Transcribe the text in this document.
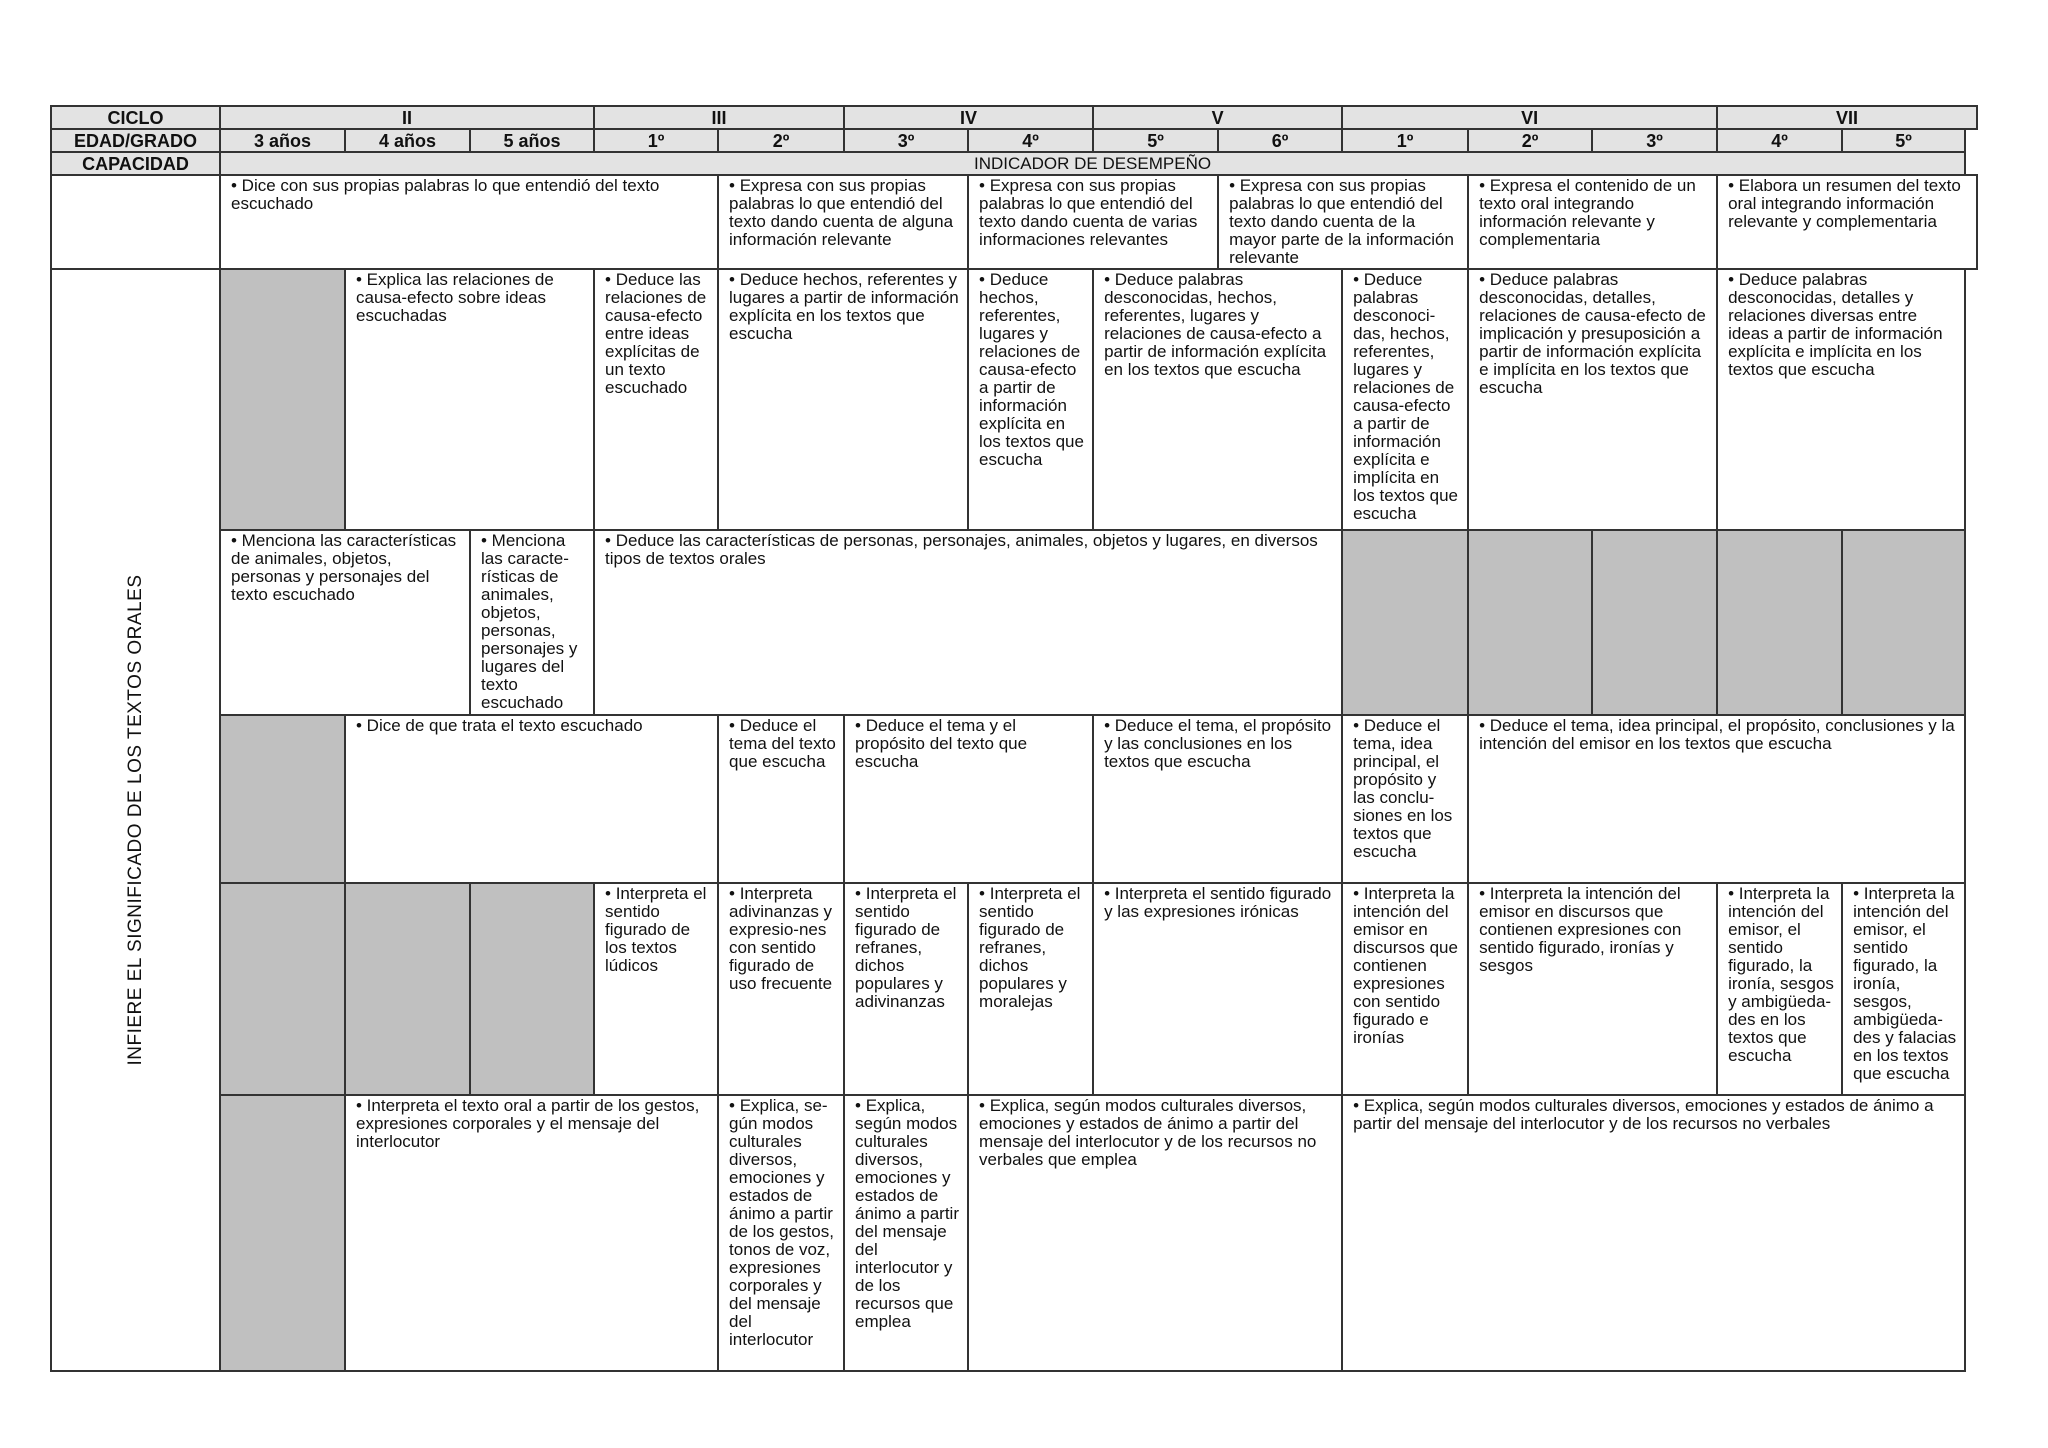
CICLO	II			III		IV		V		VI			VII	
EDAD/GRADO	3 años	4 años	5 años	1º	2º	3º	4º	5º	6º	1º	2º	3º	4º	5º
CAPACIDAD	INDICADOR DE DESEMPEÑO													
	• Dice con sus propias palabras lo que entendió del texto escuchado				• Expresa con sus propias palabras lo que entendió del texto dando cuenta de alguna información relevante		• Expresa con sus propias palabras lo que entendió del texto dando cuenta de varias informaciones relevantes		• Expresa con sus propias palabras lo que entendió del texto dando cuenta de la mayor parte de la información relevante		• Expresa el contenido de un texto oral integrando información relevante y complementaria		• Elabora un resumen del texto oral integrando información relevante y complementaria	

INFIERE EL SIGNIFICADO DE LOS TEXTOS ORALES		• Explica las relaciones de causa-efecto sobre ideas escuchadas		• Deduce las relaciones de causa-efecto entre ideas explícitas de un texto escuchado	• Deduce hechos, referentes y lugares a partir de información explícita en los textos que escucha		• Deduce hechos, referentes, lugares y relaciones de causa-efecto a partir de información explícita en los textos que escucha	• Deduce palabras desconocidas, hechos, referentes, lugares y relaciones de causa-efecto a partir de información explícita en los textos que escucha		• Deduce palabras desconoci-das, hechos, referentes, lugares y relaciones de causa-efecto a partir de información explícita e implícita en los textos que escucha	• Deduce palabras desconocidas, detalles, relaciones de causa-efecto de implicación y presuposición a partir de información explícita e implícita en los textos que escucha		• Deduce palabras desconocidas, detalles y relaciones diversas entre ideas a partir de información explícita e implícita en los textos que escucha	
	• Menciona las características de animales, objetos, personas y personajes del texto escuchado		• Menciona las caracte-rísticas de animales, objetos, personas, personajes y lugares del texto escuchado	• Deduce las características de personas, personajes, animales, objetos y lugares, en diversos tipos de textos orales										
		• Dice de que trata el texto escuchado			• Deduce el tema del texto que escucha	• Deduce el tema y el propósito del texto que escucha		• Deduce el tema, el propósito y las conclusiones en los textos que escucha		• Deduce el tema, idea principal, el propósito y las conclu-siones en los textos que escucha	• Deduce el tema, idea principal, el propósito, conclusiones y la intención del emisor en los textos que escucha			
				• Interpreta el sentido figurado de los textos lúdicos	• Interpreta adivinanzas y expresio-nes con sentido figurado de uso frecuente	• Interpreta el sentido figurado de refranes, dichos populares y adivinanzas	• Interpreta el sentido figurado de refranes, dichos populares y moralejas	• Interpreta el sentido figurado y las expresiones irónicas		• Interpreta la intención del emisor en discursos que contienen expresiones con sentido figurado e ironías	• Interpreta la intención del emisor en discursos que contienen expresiones con sentido figurado, ironías y sesgos		• Interpreta la intención del emisor, el sentido figurado, la ironía, sesgos y ambigüeda-des en los textos que escucha	• Interpreta la intención del emisor, el sentido figurado, la ironía, sesgos, ambigüeda-des y falacias en los textos que escucha
		• Interpreta el texto oral a partir de los gestos, expresiones corporales y el mensaje del interlocutor			• Explica, se-gún modos culturales diversos, emociones y estados de ánimo a partir de los gestos, tonos de voz, expresiones corporales y del mensaje del interlocutor	• Explica, según modos culturales diversos, emociones y estados de ánimo a partir del mensaje del interlocutor y de los recursos que emplea	• Explica, según modos culturales diversos, emociones y estados de ánimo a partir del mensaje del interlocutor y de los recursos no verbales que emplea			• Explica, según modos culturales diversos, emociones y estados de ánimo a partir del mensaje del interlocutor y de los recursos no verbales				
